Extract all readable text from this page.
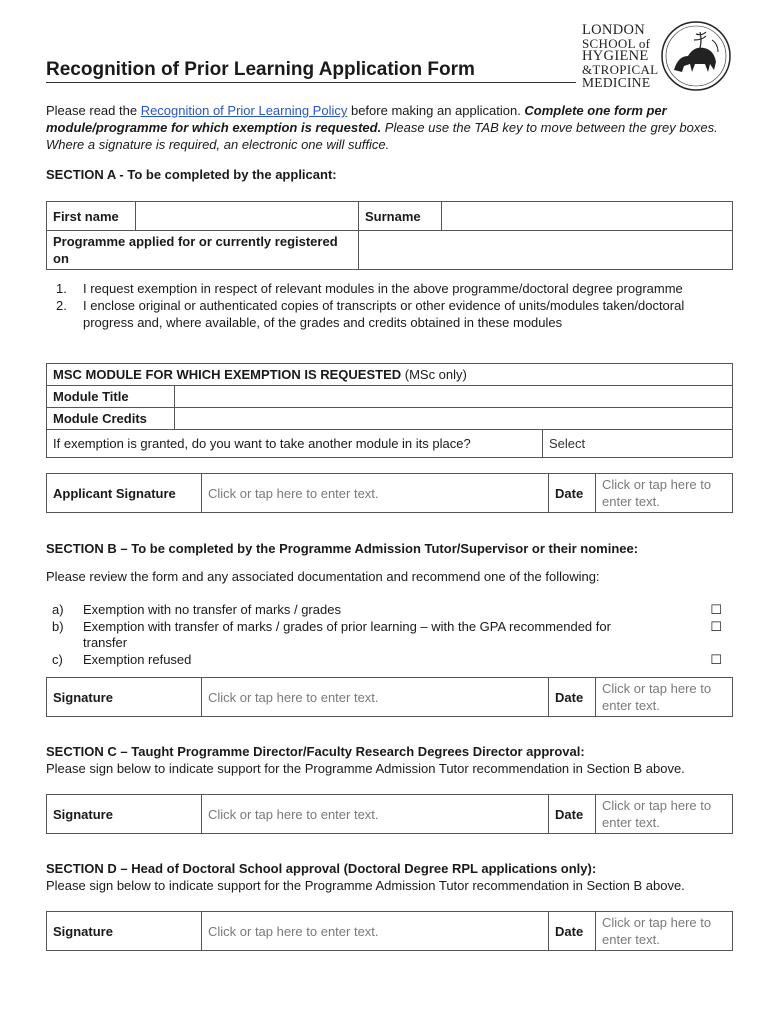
Recognition of Prior Learning Application Form
LONDON
SCHOOL of
HYGIENE
&TROPICAL
MEDICINE

Please read the Recognition of Prior Learning Policy before making an application. Complete one form per module/programme for which exemption is requested. Please use the TAB key to move between the grey boxes. Where a signature is required, an electronic one will suffice.

SECTION A - To be completed by the applicant:

First name		Surname	
Programme applied for or currently registered on			
1. I request exemption in respect of relevant modules in the above programme/doctoral degree programme
2. I enclose original or authenticated copies of transcripts or other evidence of units/modules taken/doctoral progress and, where available, of the grades and credits obtained in these modules
MSC MODULE FOR WHICH EXEMPTION IS REQUESTED (MSc only)		
Module Title		
Module Credits		
If exemption is granted, do you want to take another module in its place?		Select
Applicant Signature	Click or tap here to enter text.	Date	Click or tap here to enter text.

SECTION B – To be completed by the Programme Admission Tutor/Supervisor or their nominee:

Please review the form and any associated documentation and recommend one of the following:

a) Exemption with no transfer of marks / grades	☐
b) Exemption with transfer of marks / grades of prior learning – with the GPA recommended for transfer
☐
c) Exemption refused	☐
Signature	Click or tap here to enter text.	Date	Click or tap here to enter text.

SECTION C – Taught Programme Director/Faculty Research Degrees Director approval:

Please sign below to indicate support for the Programme Admission Tutor recommendation in Section B above.

Signature	Click or tap here to enter text.	Date	Click or tap here to enter text.

SECTION D – Head of Doctoral School approval (Doctoral Degree RPL applications only):

Please sign below to indicate support for the Programme Admission Tutor recommendation in Section B above.

Signature	Click or tap here to enter text.	Date	Click or tap here to enter text.
